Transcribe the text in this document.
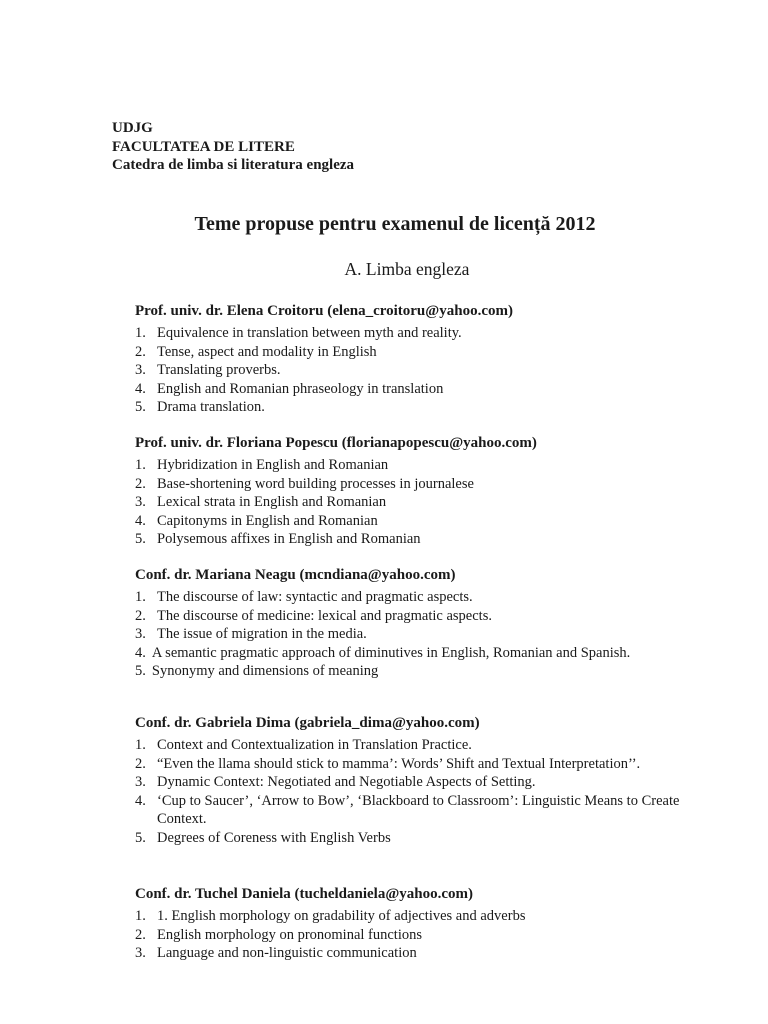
UDJG
FACULTATEA DE LITERE
Catedra de limba si literatura engleza
Teme propuse pentru examenul de licență 2012
A. Limba engleza
Prof. univ. dr. Elena Croitoru (elena_croitoru@yahoo.com)
1. Equivalence in translation between myth and reality.
2. Tense, aspect and modality in English
3. Translating proverbs.
4. English and Romanian phraseology in translation
5. Drama translation.
Prof. univ. dr. Floriana Popescu (florianapopescu@yahoo.com)
1. Hybridization in English and Romanian
2. Base-shortening word building processes in journalese
3. Lexical strata in English and Romanian
4. Capitonyms in English and Romanian
5. Polysemous affixes in English and Romanian
Conf. dr. Mariana Neagu (mcndiana@yahoo.com)
1. The discourse of law: syntactic and pragmatic aspects.
2. The discourse of medicine: lexical and pragmatic aspects.
3. The issue of migration in the media.
4. A semantic pragmatic approach of diminutives in English, Romanian and Spanish.
5. Synonymy and dimensions of meaning
Conf. dr. Gabriela Dima (gabriela_dima@yahoo.com)
1. Context and Contextualization in Translation Practice.
2. “Even the llama should stick to mamma’: Words’ Shift and Textual Interpretation’’.
3. Dynamic Context: Negotiated and Negotiable Aspects of Setting.
4. ‘Cup to Saucer’, ‘Arrow to Bow’, ‘Blackboard to Classroom’: Linguistic Means to Create Context.
5. Degrees of Coreness with English Verbs
Conf. dr. Tuchel Daniela (tucheldaniela@yahoo.com)
1. 1. English morphology on gradability of adjectives and adverbs
2. English morphology on pronominal functions
3. Language and non-linguistic communication
